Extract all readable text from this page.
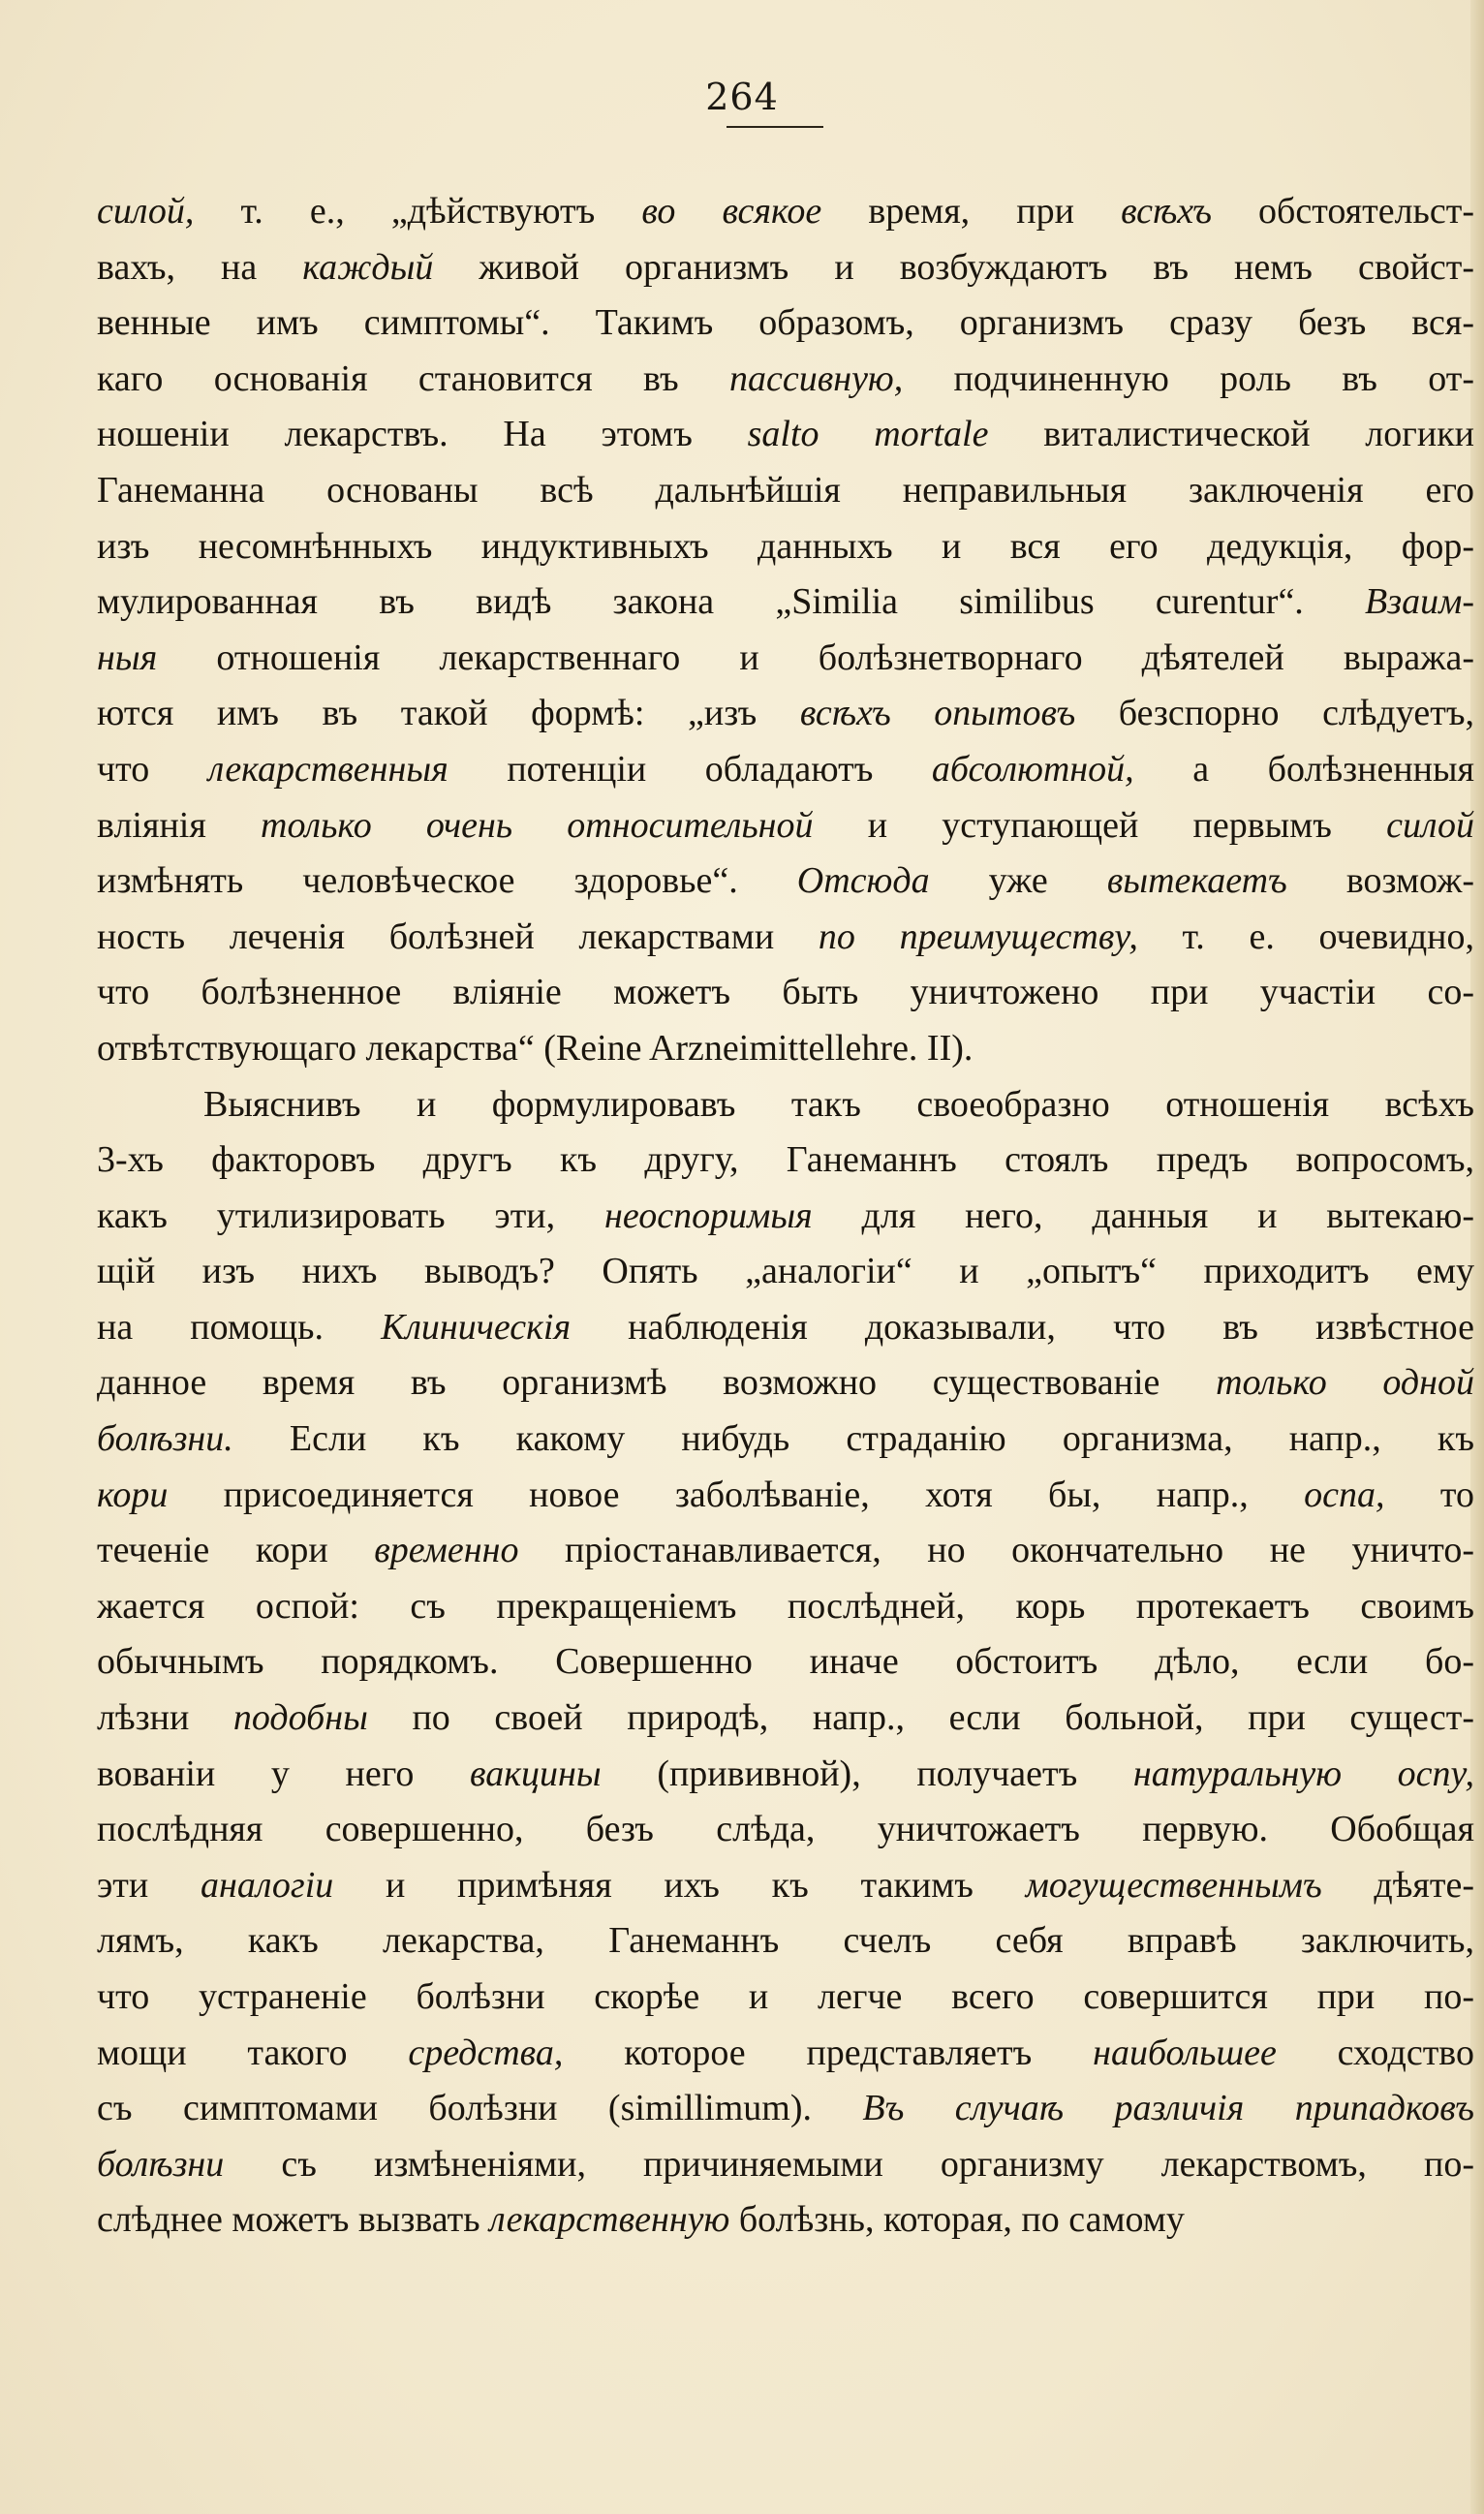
264
силой, т. е., „дѣйствуютъ во всякое время, при всѣхъ обстоятельст-
вахъ, на каждый живой организмъ и возбуждаютъ въ немъ свойст-
венные имъ симптомы“. Такимъ образомъ, организмъ сразу безъ вся-
каго основанія становится въ пассивную, подчиненную роль въ от-
ношеніи лекарствъ. На этомъ salto mortale виталистической логики
Ганеманна основаны всѣ дальнѣйшія неправильныя заключенія его
изъ несомнѣнныхъ индуктивныхъ данныхъ и вся его дедукція, фор-
мулированная въ видѣ закона „Similia similibus curentur“. Взаим-
ныя отношенія лекарственнаго и болѣзнетворнаго дѣятелей выража-
ются имъ въ такой формѣ: „изъ всѣхъ опытовъ безспорно слѣдуетъ,
что лекарственныя потенціи обладаютъ абсолютной, а болѣзненныя
вліянія только очень относительной и уступающей первымъ силой
измѣнять человѣческое здоровье“. Отсюда уже вытекаетъ возмож-
ность леченія болѣзней лекарствами по преимуществу, т. е. очевидно,
что болѣзненное вліяніе можетъ быть уничтожено при участіи со-
отвѣтствующаго лекарства“ (Reine Arzneimittellehre. II).
Выяснивъ и формулировавъ такъ своеобразно отношенія всѣхъ
3-хъ факторовъ другъ къ другу, Ганеманнъ стоялъ предъ вопросомъ,
какъ утилизировать эти, неоспоримыя для него, данныя и вытекаю-
щій изъ нихъ выводъ? Опять „аналогіи“ и „опытъ“ приходитъ ему
на помощь. Клиническія наблюденія доказывали, что въ извѣстное
данное время въ организмѣ возможно существованіе только одной
болѣзни. Если къ какому нибудь страданію организма, напр., къ
кори присоединяется новое заболѣваніе, хотя бы, напр., оспа, то
теченіе кори временно пріостанавливается, но окончательно не уничто-
жается оспой: съ прекращеніемъ послѣдней, корь протекаетъ своимъ
обычнымъ порядкомъ. Совершенно иначе обстоитъ дѣло, если бо-
лѣзни подобны по своей природѣ, напр., если больной, при сущест-
вованіи у него вакцины (прививной), получаетъ натуральную оспу,
послѣдняя совершенно, безъ слѣда, уничтожаетъ первую. Обобщая
эти аналогіи и примѣняя ихъ къ такимъ могущественнымъ дѣяте-
лямъ, какъ лекарства, Ганеманнъ счелъ себя вправѣ заключить,
что устраненіе болѣзни скорѣе и легче всего совершится при по-
мощи такого средства, которое представляетъ наибольшее сходство
съ симптомами болѣзни (simillimum). Въ случаѣ различія припадковъ
болѣзни съ измѣненіями, причиняемыми организму лекарствомъ, по-
слѣднее можетъ вызвать лекарственную болѣзнь, которая, по самому
